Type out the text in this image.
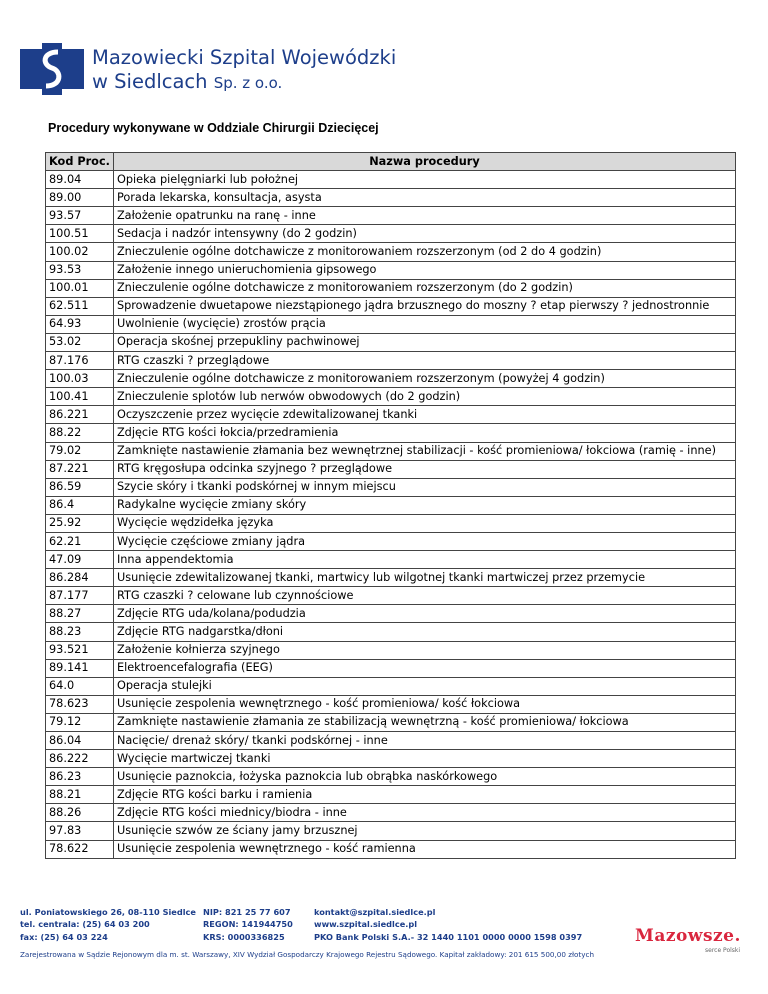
Mazowiecki Szpital Wojewódzki
w Siedlcach Sp. z o.o.
Procedury wykonywane w Oddziale Chirurgii Dziecięcej
Kod Proc.	Nazwa procedury
89.04	Opieka pielęgniarki lub położnej
89.00	Porada lekarska, konsultacja, asysta
93.57	Założenie opatrunku na ranę - inne
100.51	Sedacja i nadzór intensywny (do 2 godzin)
100.02	Znieczulenie ogólne dotchawicze z monitorowaniem rozszerzonym (od 2 do 4 godzin)
93.53	Założenie innego unieruchomienia gipsowego
100.01	Znieczulenie ogólne dotchawicze z monitorowaniem rozszerzonym (do 2 godzin)
62.511	Sprowadzenie dwuetapowe niezstąpionego jądra brzusznego do moszny ? etap pierwszy ? jednostronnie
64.93	Uwolnienie (wycięcie) zrostów prącia
53.02	Operacja skośnej przepukliny pachwinowej
87.176	RTG czaszki ? przeglądowe
100.03	Znieczulenie ogólne dotchawicze z monitorowaniem rozszerzonym (powyżej 4 godzin)
100.41	Znieczulenie splotów lub nerwów obwodowych (do 2 godzin)
86.221	Oczyszczenie przez wycięcie zdewitalizowanej tkanki
88.22	Zdjęcie RTG kości łokcia/przedramienia
79.02	Zamknięte nastawienie złamania bez wewnętrznej stabilizacji - kość promieniowa/ łokciowa (ramię - inne)
87.221	RTG kręgosłupa odcinka szyjnego ? przeglądowe
86.59	Szycie skóry i tkanki podskórnej w innym miejscu
86.4	Radykalne wycięcie zmiany skóry
25.92	Wycięcie wędzidełka języka
62.21	Wycięcie częściowe zmiany jądra
47.09	Inna appendektomia
86.284	Usunięcie zdewitalizowanej tkanki, martwicy lub wilgotnej tkanki martwiczej przez przemycie
87.177	RTG czaszki ? celowane lub czynnościowe
88.27	Zdjęcie RTG uda/kolana/podudzia
88.23	Zdjęcie RTG nadgarstka/dłoni
93.521	Założenie kołnierza szyjnego
89.141	Elektroencefalografia (EEG)
64.0	Operacja stulejki
78.623	Usunięcie zespolenia wewnętrznego - kość promieniowa/ kość łokciowa
79.12	Zamknięte nastawienie złamania ze stabilizacją wewnętrzną - kość promieniowa/ łokciowa
86.04	Nacięcie/ drenaż skóry/ tkanki podskórnej - inne
86.222	Wycięcie martwiczej tkanki
86.23	Usunięcie paznokcia, łożyska paznokcia lub obrąbka naskórkowego
88.21	Zdjęcie RTG kości barku i ramienia
88.26	Zdjęcie RTG kości miednicy/biodra - inne
97.83	Usunięcie szwów ze ściany jamy brzusznej
78.622	Usunięcie zespolenia wewnętrznego - kość ramienna
ul. Poniatowskiego 26, 08-110 Siedlce
tel. centrala: (25) 64 03 200
fax: (25) 64 03 224
NIP: 821 25 77 607
REGON: 141944750
KRS: 0000336825
kontakt@szpital.siedlce.pl
www.szpital.siedlce.pl
PKO Bank Polski S.A.- 32 1440 1101 0000 0000 1598 0397
Zarejestrowana w Sądzie Rejonowym dla m. st. Warszawy, XIV Wydział Gospodarczy Krajowego Rejestru Sądowego. Kapitał zakładowy: 201 615 500,00 złotych
Mazowsze.
serce Polski
